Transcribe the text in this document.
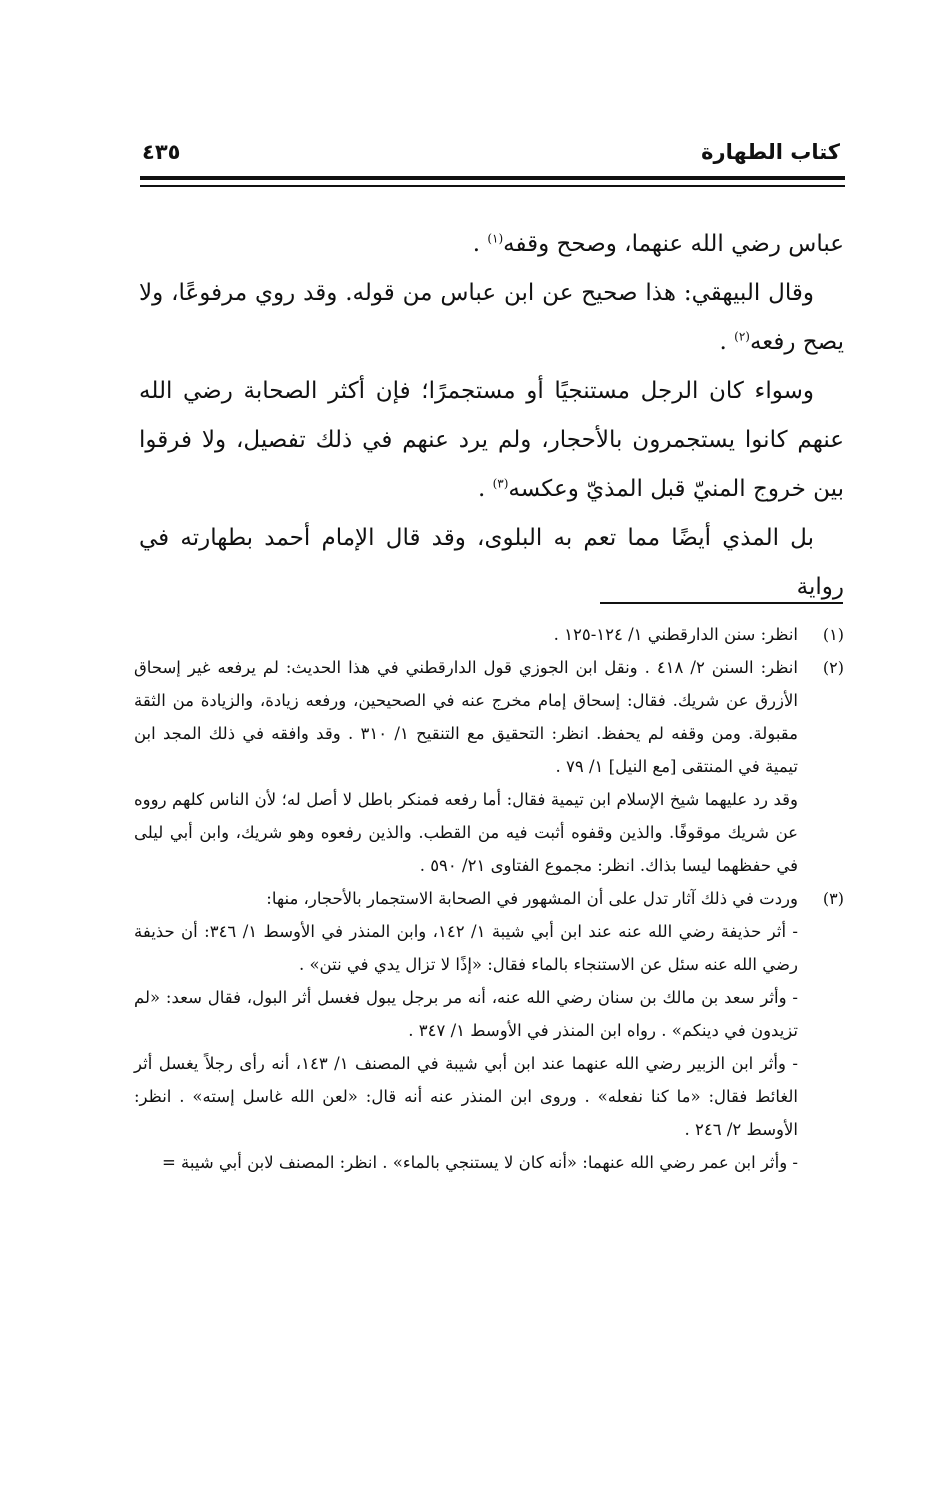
كتاب الطهارة
٤٣٥

عباس رضي الله عنهما، وصحح وقفه$^{(١)}$ .

وقال البيهقي: هذا صحيح عن ابن عباس من قوله. وقد روي مرفوعًا، ولا يصح رفعه$^{(٢)}$ .

وسواء كان الرجل مستنجيًا أو مستجمرًا؛ فإن أكثر الصحابة رضي الله عنهم كانوا يستجمرون بالأحجار، ولم يرد عنهم في ذلك تفصيل، ولا فرقوا بين خروج المنيّ قبل المذيّ وعكسه$^{(٣)}$ .

بل المذي أيضًا مما تعم به البلوى، وقد قال الإمام أحمد بطهارته في رواية

(١)

انظر: سنن الدارقطني ١/ ١٢٤-١٢٥ .

(٢)

انظر: السنن ٢/ ٤١٨ . ونقل ابن الجوزي قول الدارقطني في هذا الحديث: لم يرفعه غير إسحاق الأزرق عن شريك. فقال: إسحاق إمام مخرج عنه في الصحيحين، ورفعه زيادة، والزيادة من الثقة مقبولة. ومن وقفه لم يحفظ. انظر: التحقيق مع التنقيح ١/ ٣١٠ . وقد وافقه في ذلك المجد ابن تيمية في المنتقى [مع النيل] ١/ ٧٩ .

وقد رد عليهما شيخ الإسلام ابن تيمية فقال: أما رفعه فمنكر باطل لا أصل له؛ لأن الناس كلهم رووه عن شريك موقوفًا. والذين وقفوه أثبت فيه من القطب. والذين رفعوه وهو شريك، وابن أبي ليلى في حفظهما ليسا بذاك. انظر: مجموع الفتاوى ٢١/ ٥٩٠ .

(٣)

وردت في ذلك آثار تدل على أن المشهور في الصحابة الاستجمار بالأحجار، منها:

- أثر حذيفة رضي الله عنه عند ابن أبي شيبة ١/ ١٤٢، وابن المنذر في الأوسط ١/ ٣٤٦: أن حذيفة رضي الله عنه سئل عن الاستنجاء بالماء فقال: «إذًا لا تزال يدي في نتن» .

- وأثر سعد بن مالك بن سنان رضي الله عنه، أنه مر برجل يبول فغسل أثر البول، فقال سعد: «لم تزيدون في دينكم» . رواه ابن المنذر في الأوسط ١/ ٣٤٧ .

- وأثر ابن الزبير رضي الله عنهما عند ابن أبي شيبة في المصنف ١/ ١٤٣، أنه رأى رجلاً يغسل أثر الغائط فقال: «ما كنا نفعله» . وروى ابن المنذر عنه أنه قال: «لعن الله غاسل إسته» . انظر: الأوسط ٢/ ٢٤٦ .

- وأثر ابن عمر رضي الله عنهما: «أنه كان لا يستنجي بالماء» . انظر: المصنف لابن أبي شيبة =
